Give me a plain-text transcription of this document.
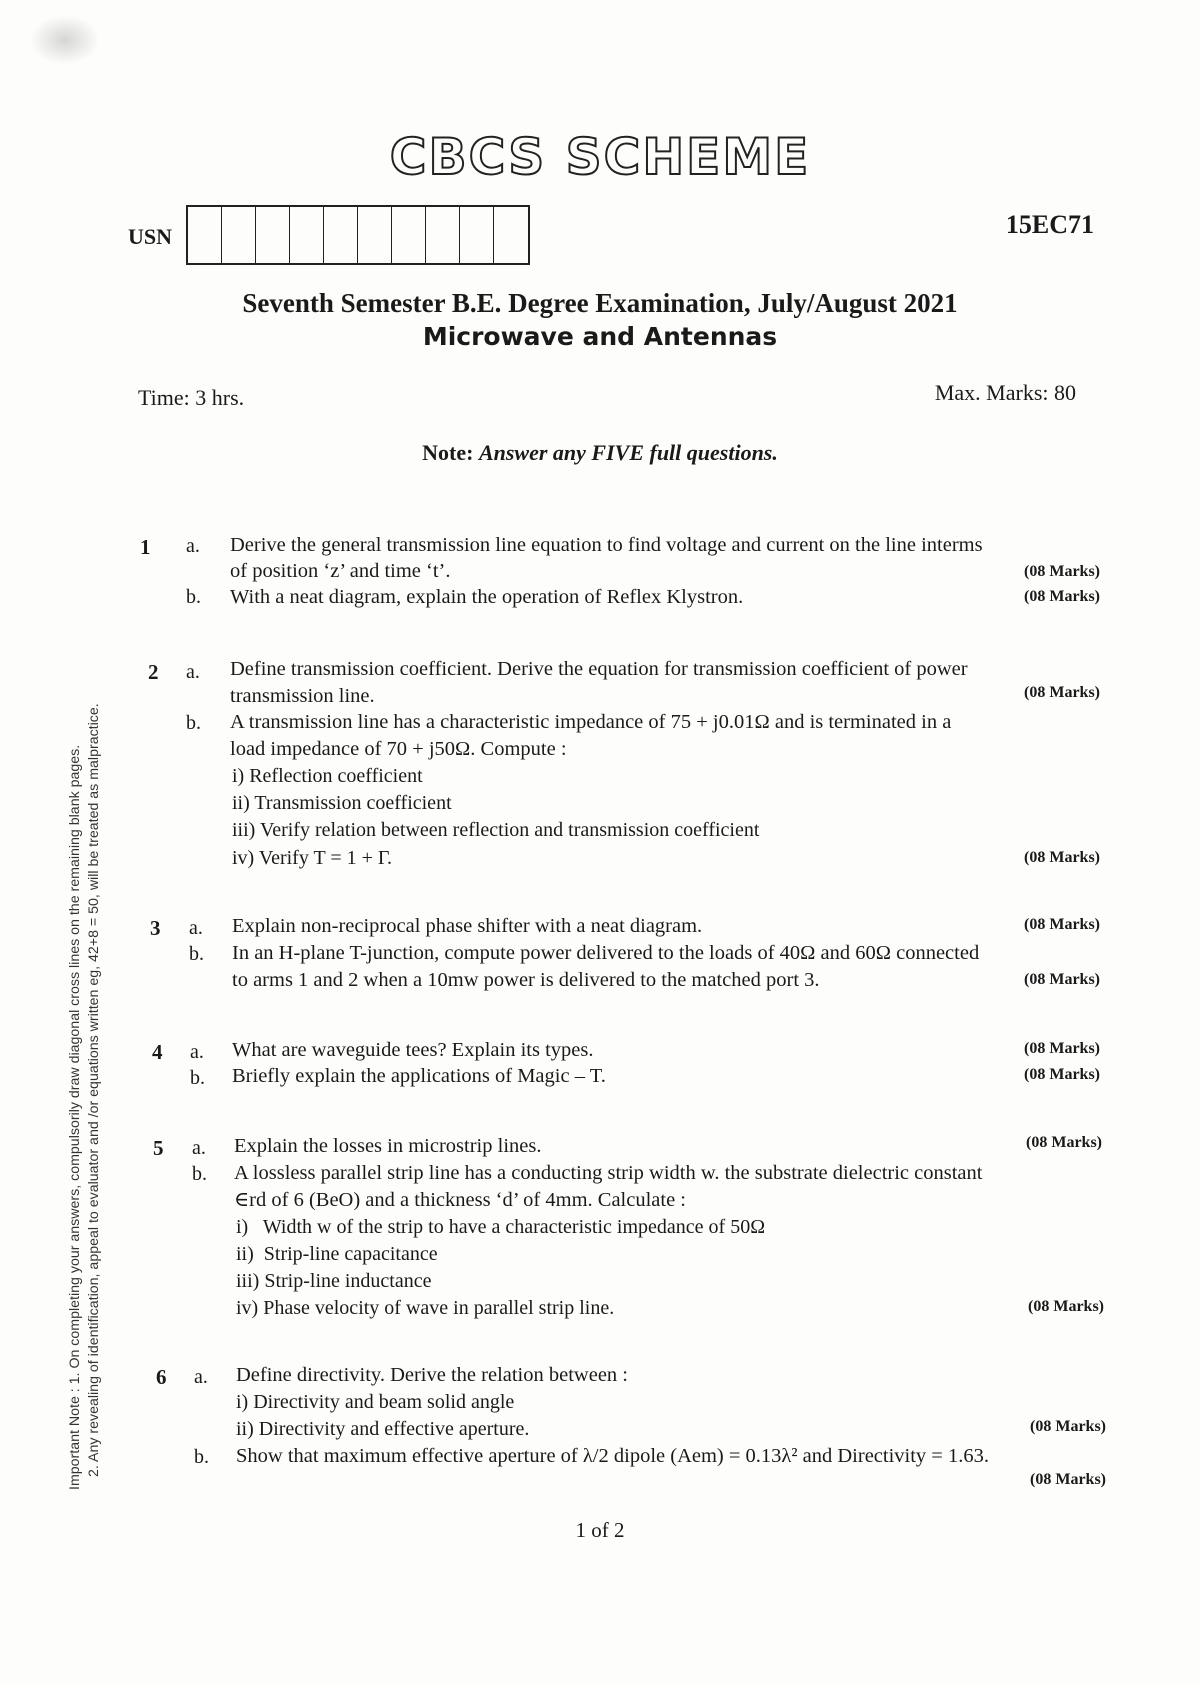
CBCS SCHEME
USN	15EC71
Seventh Semester B.E. Degree Examination, July/August 2021
Microwave and Antennas
Time: 3 hrs.	Max. Marks: 80
Note: Answer any FIVE full questions.
Important Note : 1. On completing your answers, compulsorily draw diagonal cross lines on the remaining blank pages. 2. Any revealing of identification, appeal to evaluator and /or equations written eg, 42+8 = 50, will be treated as malpractice.
1 a. Derive the general transmission line equation to find voltage and current on the line interms
of position ‘z’ and time ‘t’.	(08 Marks)
b. With a neat diagram, explain the operation of Reflex Klystron.	(08 Marks)
2 a. Define transmission coefficient. Derive the equation for transmission coefficient of power
transmission line.	(08 Marks)
b. A transmission line has a characteristic impedance of 75 + j0.01Ω and is terminated in a
load impedance of 70 + j50Ω. Compute :
i) Reflection coefficient
ii) Transmission coefficient
iii) Verify relation between reflection and transmission coefficient
iv) Verify T = 1 + Γ.	(08 Marks)
3 a. Explain non-reciprocal phase shifter with a neat diagram.	(08 Marks)
b. In an H-plane T-junction, compute power delivered to the loads of 40Ω and 60Ω connected
to arms 1 and 2 when a 10mw power is delivered to the matched port 3.	(08 Marks)
4 a. What are waveguide tees? Explain its types.	(08 Marks)
b. Briefly explain the applications of Magic – T.	(08 Marks)
5 a. Explain the losses in microstrip lines.	(08 Marks)
b. A lossless parallel strip line has a conducting strip width w. the substrate dielectric constant
∈rd of 6 (BeO) and a thickness ‘d’ of 4mm. Calculate :
i)   Width w of the strip to have a characteristic impedance of 50Ω
ii)  Strip-line capacitance
iii) Strip-line inductance
iv) Phase velocity of wave in parallel strip line.	(08 Marks)
6 a. Define directivity. Derive the relation between :
i) Directivity and beam solid angle
ii) Directivity and effective aperture.	(08 Marks)
b. Show that maximum effective aperture of λ/2 dipole (Aem) = 0.13λ² and Directivity = 1.63.
(08 Marks)
1 of 2
